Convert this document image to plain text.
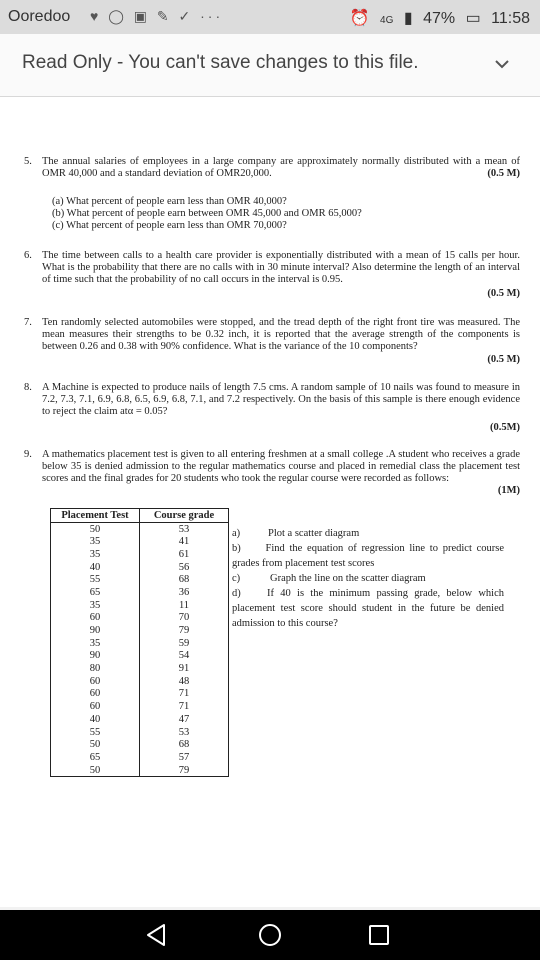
Ooredoo ♥ ◯ ▣ ✎ ✓ ···	⏰ 4G ▮ 47% ▭ 11:58
Read Only - You can't save changes to this file.
5. The annual salaries of employees in a large company are approximately normally distributed with a mean of OMR 40,000 and a standard deviation of OMR20,000.	(0.5 M)
(a) What percent of people earn less than OMR 40,000?
(b) What percent of people earn between OMR 45,000 and OMR 65,000?
(c) What percent of people earn less than OMR 70,000?
6. The time between calls to a health care provider is exponentially distributed with a mean of 15 calls per hour. What is the probability that there are no calls with in 30 minute interval? Also determine the length of an interval of time such that the probability of no call occurs in the interval is 0.95.
(0.5 M)
7. Ten randomly selected automobiles were stopped, and the tread depth of the right front tire was measured. The mean measures their strengths to be 0.32 inch, it is reported that the average strength of the components is between 0.26 and 0.38 with 90% confidence. What is the variance of the 10 components?
(0.5 M)
8. A Machine is expected to produce nails of length 7.5 cms. A random sample of 10 nails was found to measure in 7.2, 7.3, 7.1, 6.9, 6.8, 6.5, 6.9, 6.8, 7.1, and 7.2 respectively. On the basis of this sample is there enough evidence to reject the claim atα = 0.05?
(0.5M)
9. A mathematics placement test is given to all entering freshmen at a small college .A student who receives a grade below 35 is denied admission to the regular mathematics course and placed in remedial class the placement test scores and the final grades for 20 students who took the regular course were recorded as follows:
(1M)
Placement Test	Course grade
50	53
35	41
35	61
40	56
55	68
65	36
35	11
60	70
90	79
35	59
90	54
80	91
60	48
60	71
60	71
40	47
55	53
50	68
65	57
50	79
a)	Plot a scatter diagram
b) Find the equation of regression line to predict course grades from placement test scores
c)	Graph the line on the scatter diagram
d)	If 40 is the minimum passing grade, below which placement test score should student in the future be denied admission to this course?
